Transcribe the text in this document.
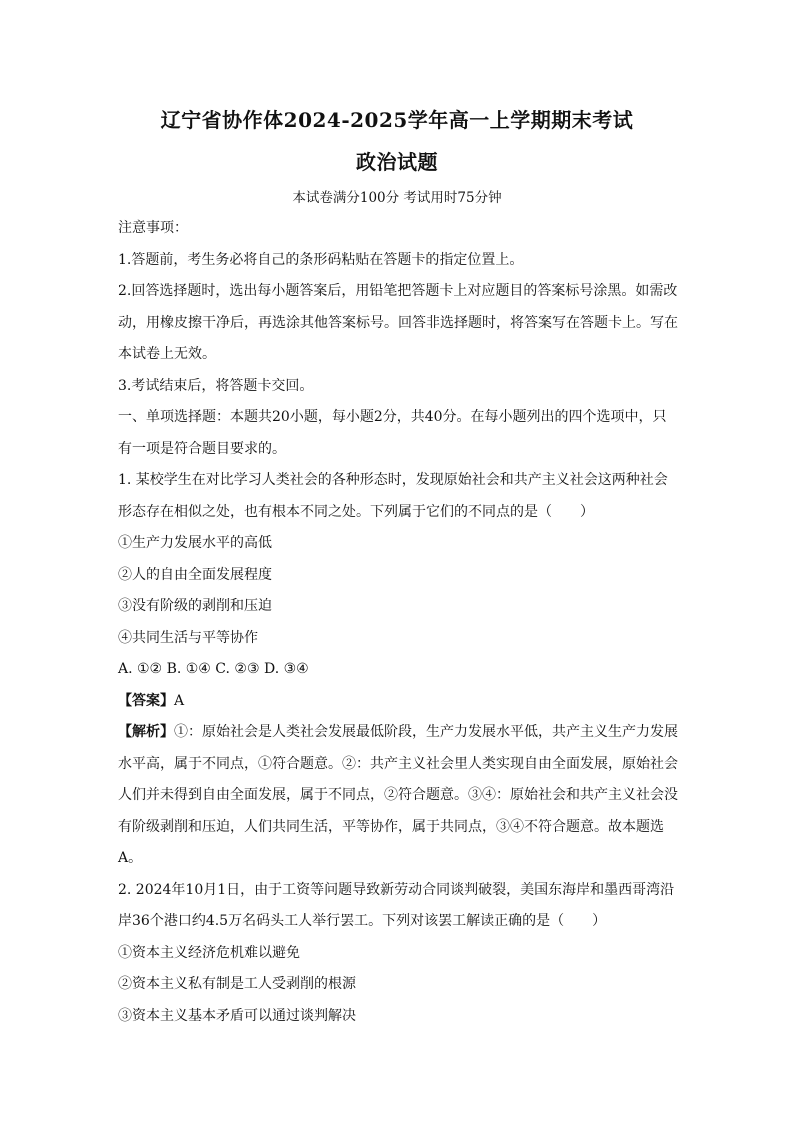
辽宁省协作体2024-2025学年高一上学期期末考试
政治试题
本试卷满分100分 考试用时75分钟

注意事项：

1.答题前，考生务必将自己的条形码粘贴在答题卡的指定位置上。

2.回答选择题时，选出每小题答案后，用铅笔把答题卡上对应题目的答案标号涂黑。如需改动，用橡皮擦干净后，再选涂其他答案标号。回答非选择题时，将答案写在答题卡上。写在本试卷上无效。

3.考试结束后，将答题卡交回。

一、单项选择题：本题共20小题，每小题2分，共40分。在每小题列出的四个选项中，只有一项是符合题目要求的。

1. 某校学生在对比学习人类社会的各种形态时，发现原始社会和共产主义社会这两种社会形态存在相似之处，也有根本不同之处。下列属于它们的不同点的是（　　）

①生产力发展水平的高低

②人的自由全面发展程度

③没有阶级的剥削和压迫

④共同生活与平等协作

A. ①② B. ①④ C. ②③ D. ③④

【答案】A

【解析】①：原始社会是人类社会发展最低阶段，生产力发展水平低，共产主义生产力发展水平高，属于不同点，①符合题意。②：共产主义社会里人类实现自由全面发展，原始社会人们并未得到自由全面发展，属于不同点，②符合题意。③④：原始社会和共产主义社会没有阶级剥削和压迫，人们共同生活，平等协作，属于共同点，③④不符合题意。故本题选A。

2. 2024年10月1日，由于工资等问题导致新劳动合同谈判破裂，美国东海岸和墨西哥湾沿岸36个港口约4.5万名码头工人举行罢工。下列对该罢工解读正确的是（　　）

①资本主义经济危机难以避免

②资本主义私有制是工人受剥削的根源

③资本主义基本矛盾可以通过谈判解决
